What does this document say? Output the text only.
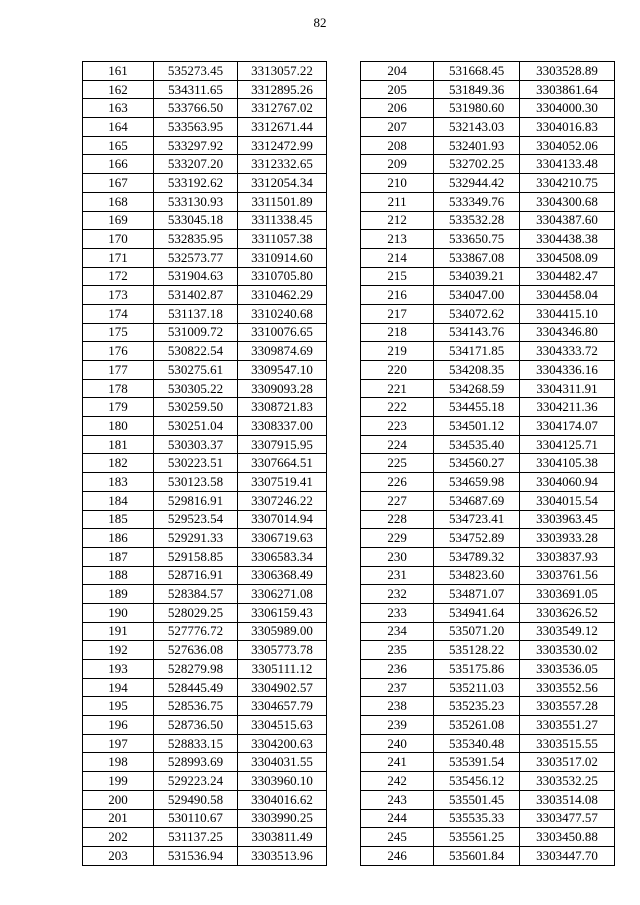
82
161	535273.45	3313057.22
162	534311.65	3312895.26
163	533766.50	3312767.02
164	533563.95	3312671.44
165	533297.92	3312472.99
166	533207.20	3312332.65
167	533192.62	3312054.34
168	533130.93	3311501.89
169	533045.18	3311338.45
170	532835.95	3311057.38
171	532573.77	3310914.60
172	531904.63	3310705.80
173	531402.87	3310462.29
174	531137.18	3310240.68
175	531009.72	3310076.65
176	530822.54	3309874.69
177	530275.61	3309547.10
178	530305.22	3309093.28
179	530259.50	3308721.83
180	530251.04	3308337.00
181	530303.37	3307915.95
182	530223.51	3307664.51
183	530123.58	3307519.41
184	529816.91	3307246.22
185	529523.54	3307014.94
186	529291.33	3306719.63
187	529158.85	3306583.34
188	528716.91	3306368.49
189	528384.57	3306271.08
190	528029.25	3306159.43
191	527776.72	3305989.00
192	527636.08	3305773.78
193	528279.98	3305111.12
194	528445.49	3304902.57
195	528536.75	3304657.79
196	528736.50	3304515.63
197	528833.15	3304200.63
198	528993.69	3304031.55
199	529223.24	3303960.10
200	529490.58	3304016.62
201	530110.67	3303990.25
202	531137.25	3303811.49
203	531536.94	3303513.96
204	531668.45	3303528.89
205	531849.36	3303861.64
206	531980.60	3304000.30
207	532143.03	3304016.83
208	532401.93	3304052.06
209	532702.25	3304133.48
210	532944.42	3304210.75
211	533349.76	3304300.68
212	533532.28	3304387.60
213	533650.75	3304438.38
214	533867.08	3304508.09
215	534039.21	3304482.47
216	534047.00	3304458.04
217	534072.62	3304415.10
218	534143.76	3304346.80
219	534171.85	3304333.72
220	534208.35	3304336.16
221	534268.59	3304311.91
222	534455.18	3304211.36
223	534501.12	3304174.07
224	534535.40	3304125.71
225	534560.27	3304105.38
226	534659.98	3304060.94
227	534687.69	3304015.54
228	534723.41	3303963.45
229	534752.89	3303933.28
230	534789.32	3303837.93
231	534823.60	3303761.56
232	534871.07	3303691.05
233	534941.64	3303626.52
234	535071.20	3303549.12
235	535128.22	3303530.02
236	535175.86	3303536.05
237	535211.03	3303552.56
238	535235.23	3303557.28
239	535261.08	3303551.27
240	535340.48	3303515.55
241	535391.54	3303517.02
242	535456.12	3303532.25
243	535501.45	3303514.08
244	535535.33	3303477.57
245	535561.25	3303450.88
246	535601.84	3303447.70
